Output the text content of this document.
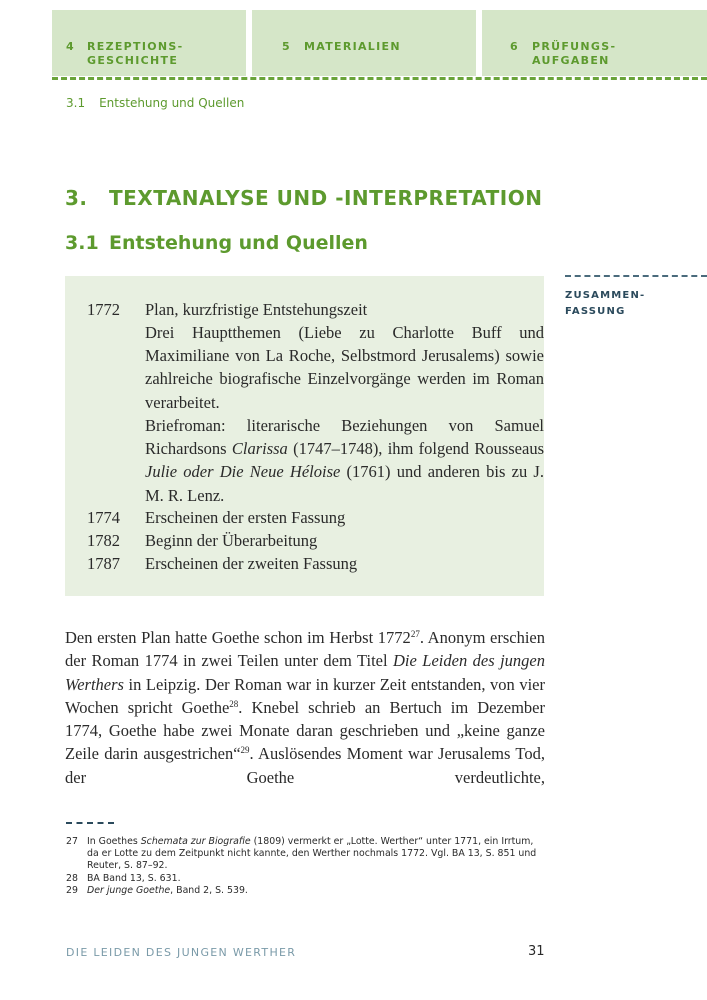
4 REZEPTIONS-
GESCHICHTE
5 MATERIALIEN	6 PRÜFUNGS-
AUFGABEN
3.1 Entstehung und Quellen
3. TEXTANALYSE UND -INTERPRETATION
3.1 Entstehung und Quellen
ZUSAMMEN-
FASSUNG
1772	Plan, kurzfristige Entstehungszeit
Drei Hauptthemen (Liebe zu Charlotte Buff und Maximiliane von La Roche, Selbstmord Jerusalems) sowie zahlreiche biografische Einzelvorgänge werden im Roman verarbeitet.
Briefroman: literarische Beziehungen von Samuel Richardsons Clarissa (1747–1748), ihm folgend Rousseaus Julie oder Die Neue Héloise (1761) und anderen bis zu J. M. R. Lenz.
1774	Erscheinen der ersten Fassung
1782	Beginn der Überarbeitung
1787	Erscheinen der zweiten Fassung

Den ersten Plan hatte Goethe schon im Herbst 1772$^{27}$. Anonym erschien der Roman 1774 in zwei Teilen unter dem Titel Die Leiden des jungen Werthers in Leipzig. Der Roman war in kurzer Zeit entstanden, von vier Wochen spricht Goethe$^{28}$. Knebel schrieb an Bertuch im Dezember 1774, Goethe habe zwei Monate daran geschrieben und „keine ganze Zeile darin ausgestrichen“$^{29}$. Auslösendes Moment war Jerusalems Tod, der Goethe verdeutlichte,

27 In Goethes Schemata zur Biografie (1809) vermerkt er „Lotte. Werther“ unter 1771, ein Irrtum, da er Lotte zu dem Zeitpunkt nicht kannte, den Werther nochmals 1772. Vgl. BA 13, S. 851 und Reuter, S. 87–92.
28 BA Band 13, S. 631.
29 Der junge Goethe, Band 2, S. 539.
DIE LEIDEN DES JUNGEN WERTHER	31
